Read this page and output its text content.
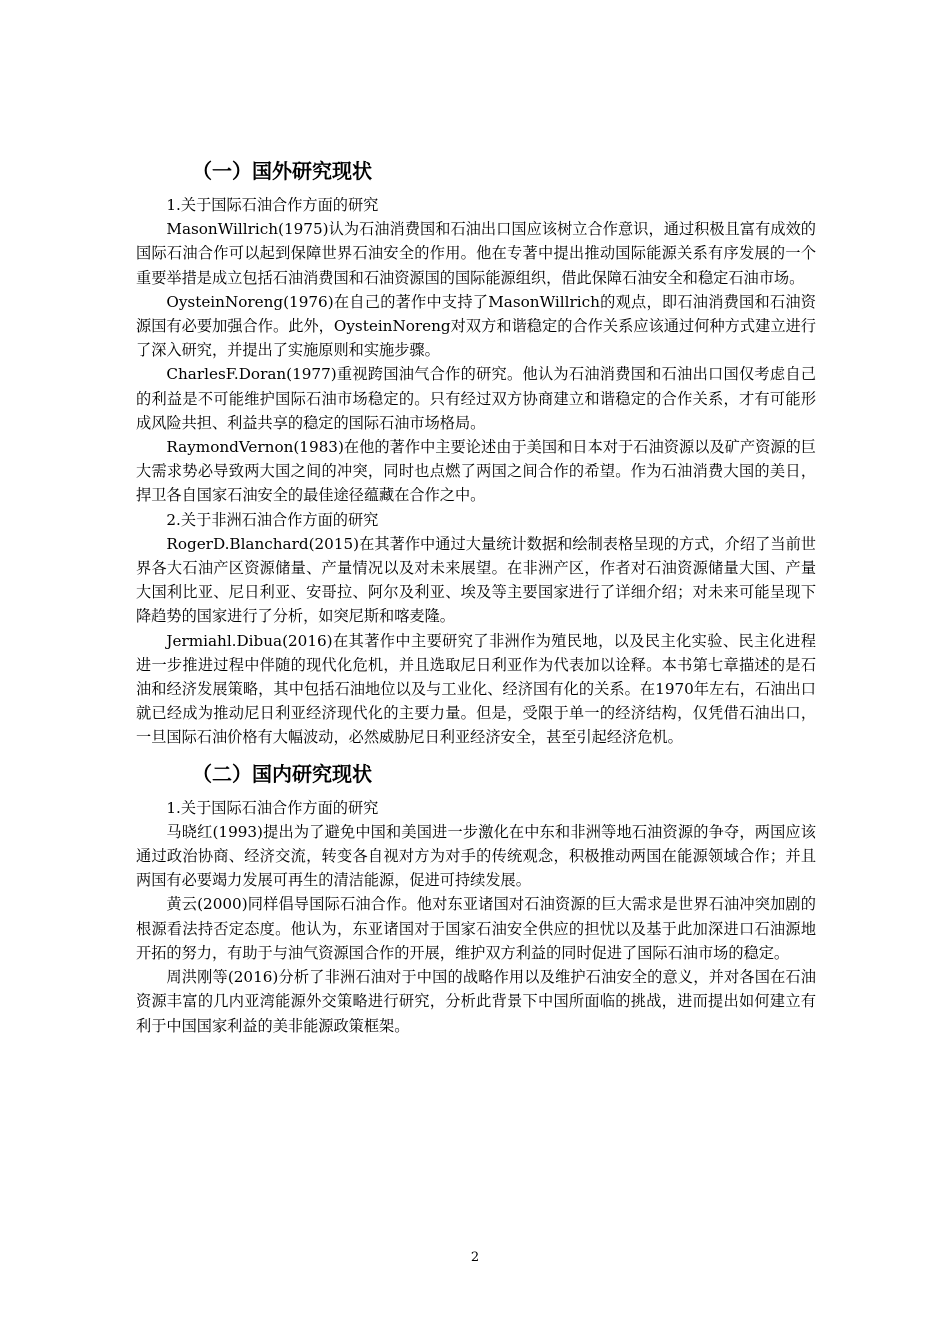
（一）国外研究现状

1.关于国际石油合作方面的研究

MasonWillrich(1975)认为石油消费国和石油出口国应该树立合作意识，通过积极且富有成效的国际石油合作可以起到保障世界石油安全的作用。他在专著中提出推动国际能源关系有序发展的一个重要举措是成立包括石油消费国和石油资源国的国际能源组织，借此保障石油安全和稳定石油市场。

OysteinNoreng(1976)在自己的著作中支持了MasonWillrich的观点，即石油消费国和石油资源国有必要加强合作。此外，OysteinNoreng对双方和谐稳定的合作关系应该通过何种方式建立进行了深入研究，并提出了实施原则和实施步骤。

CharlesF.Doran(1977)重视跨国油气合作的研究。他认为石油消费国和石油出口国仅考虑自己的利益是不可能维护国际石油市场稳定的。只有经过双方协商建立和谐稳定的合作关系，才有可能形成风险共担、利益共享的稳定的国际石油市场格局。

RaymondVernon(1983)在他的著作中主要论述由于美国和日本对于石油资源以及矿产资源的巨大需求势必导致两大国之间的冲突，同时也点燃了两国之间合作的希望。作为石油消费大国的美日，捍卫各自国家石油安全的最佳途径蕴藏在合作之中。

2.关于非洲石油合作方面的研究

RogerD.Blanchard(2015)在其著作中通过大量统计数据和绘制表格呈现的方式，介绍了当前世界各大石油产区资源储量、产量情况以及对未来展望。在非洲产区，作者对石油资源储量大国、产量大国利比亚、尼日利亚、安哥拉、阿尔及利亚、埃及等主要国家进行了详细介绍；对未来可能呈现下降趋势的国家进行了分析，如突尼斯和喀麦隆。

Jermiahl.Dibua(2016)在其著作中主要研究了非洲作为殖民地，以及民主化实验、民主化进程进一步推进过程中伴随的现代化危机，并且选取尼日利亚作为代表加以诠释。本书第七章描述的是石油和经济发展策略，其中包括石油地位以及与工业化、经济国有化的关系。在1970年左右，石油出口就已经成为推动尼日利亚经济现代化的主要力量。但是，受限于单一的经济结构，仅凭借石油出口，一旦国际石油价格有大幅波动，必然威胁尼日利亚经济安全，甚至引起经济危机。

（二）国内研究现状

1.关于国际石油合作方面的研究

马晓红(1993)提出为了避免中国和美国进一步激化在中东和非洲等地石油资源的争夺，两国应该通过政治协商、经济交流，转变各自视对方为对手的传统观念，积极推动两国在能源领域合作；并且两国有必要竭力发展可再生的清洁能源，促进可持续发展。

黄云(2000)同样倡导国际石油合作。他对东亚诸国对石油资源的巨大需求是世界石油冲突加剧的根源看法持否定态度。他认为，东亚诸国对于国家石油安全供应的担忧以及基于此加深进口石油源地开拓的努力，有助于与油气资源国合作的开展，维护双方利益的同时促进了国际石油市场的稳定。

周洪刚等(2016)分析了非洲石油对于中国的战略作用以及维护石油安全的意义，并对各国在石油资源丰富的几内亚湾能源外交策略进行研究，分析此背景下中国所面临的挑战，进而提出如何建立有利于中国国家利益的美非能源政策框架。

2
